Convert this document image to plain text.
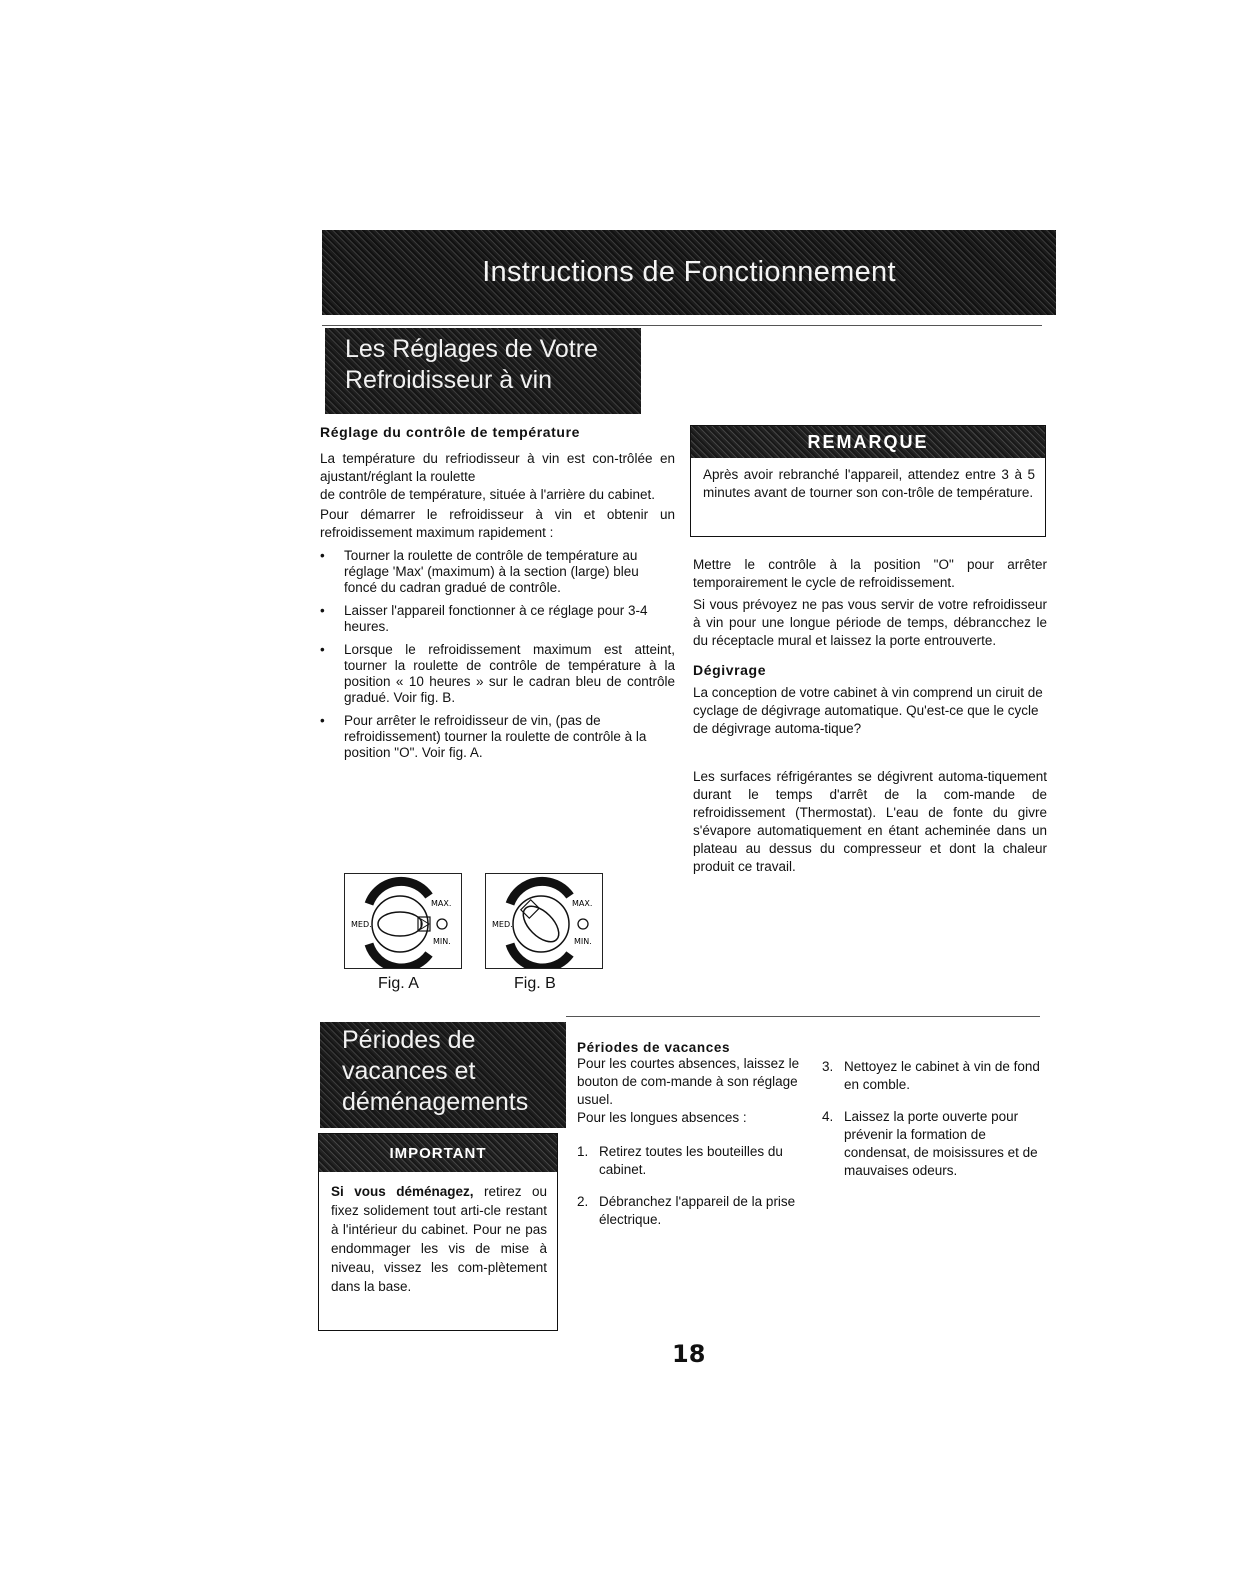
Instructions de Fonctionnement
Les Réglages de Votre
Refroidisseur à vin
Réglage du contrôle de température

La température du refriodisseur à vin est con-trôlée en ajustant/réglant la roulette

de contrôle de température, située à l'arrière du cabinet.

Pour démarrer le refroidisseur à vin et obtenir un refroidissement maximum rapidement :

• Tourner la roulette de contrôle de température au réglage 'Max' (maximum) à la section (large) bleu foncé du cadran gradué de contrôle.
• Laisser l'appareil fonctionner à ce réglage pour 3-4 heures.
• Lorsque le refroidissement maximum est atteint, tourner la roulette de contrôle de température à la position « 10 heures » sur le cadran bleu de contrôle gradué. Voir fig. B.
• Pour arrêter le refroidisseur de vin, (pas de refroidissement) tourner la roulette de contrôle à la position "O". Voir fig. A.
MAX.
MED.
MIN.
Fig. A
MAX.
MED.
MIN.
Fig. B
REMARQUE

Après avoir rebranché l'appareil, attendez entre 3 à 5 minutes avant de tourner son con-trôle de température.

Mettre le contrôle à la position "O" pour arrêter temporairement le cycle de refroidissement.

Si vous prévoyez ne pas vous servir de votre refroidisseur à vin pour une longue période de temps, débrancchez le du réceptacle mural et laissez la porte entrouverte.

Dégivrage

La conception de votre cabinet à vin comprend un ciruit de cyclage de dégivrage automatique. Qu'est-ce que le cycle de dégivrage automa-tique?

Les surfaces réfrigérantes se dégivrent automa-tiquement durant le temps d'arrêt de la com-mande de refroidissement (Thermostat). L'eau de fonte du givre s'évapore automatiquement en étant acheminée dans un plateau au dessus du compresseur et dont la chaleur produit ce travail.

Périodes de
vacances et
déménagements
IMPORTANT

Si vous déménagez, retirez ou fixez solidement tout arti-cle restant à l'intérieur du cabinet. Pour ne pas endommager les vis de mise à niveau, vissez les com-plètement dans la base.

Périodes de vacances

Pour les courtes absences, laissez le bouton de com-mande à son réglage usuel.

Pour les longues absences :

1. Retirez toutes les bouteilles du cabinet.
2. Débranchez l'appareil de la prise électrique.
3. Nettoyez le cabinet à vin de fond en comble.
4. Laissez la porte ouverte pour prévenir la formation de condensat, de moisissures et de mauvaises odeurs.
18
